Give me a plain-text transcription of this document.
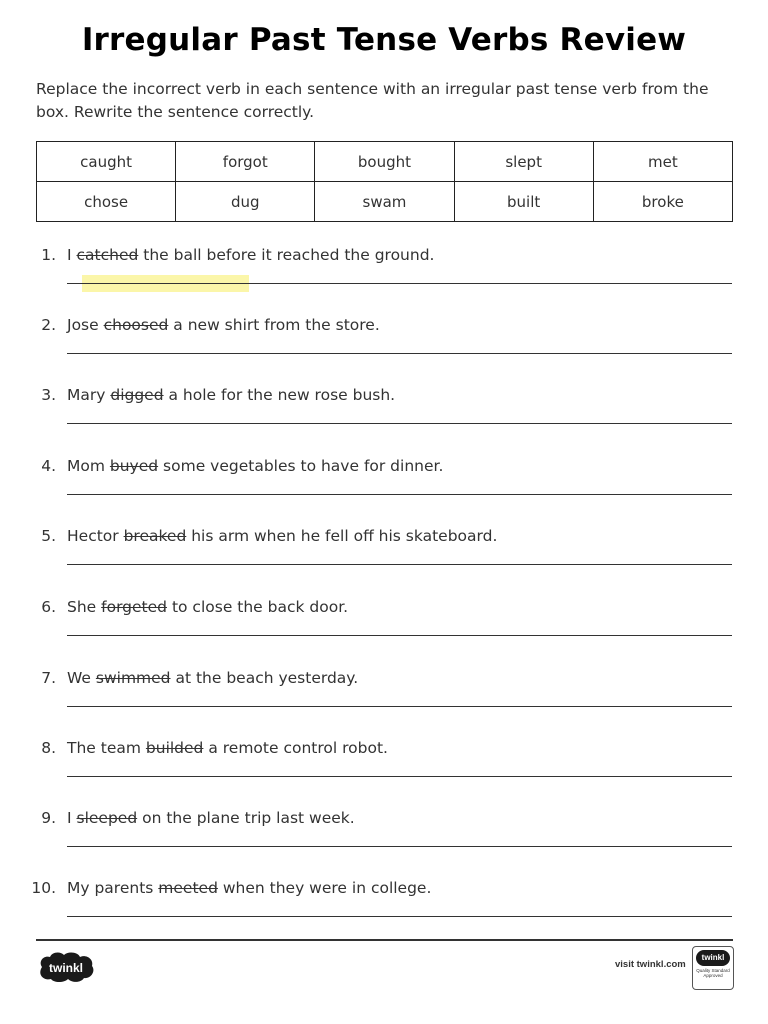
Irregular Past Tense Verbs Review
Replace the incorrect verb in each sentence with an irregular past tense verb from the box. Rewrite the sentence correctly.
caught	forgot	bought	slept	met
chose	dug	swam	built	broke
1. I catched the ball before it reached the ground.
2. Jose choosed a new shirt from the store.
3. Mary digged a hole for the new rose bush.
4. Mom buyed some vegetables to have for dinner.
5. Hector breaked his arm when he fell off his skateboard.
6. She forgeted to close the back door.
7. We swimmed at the beach yesterday.
8. The team builded a remote control robot.
9. I sleeped on the plane trip last week.
10. My parents meeted when they were in college.
twinkl	visit twinkl.com
twinkl
Quality Standard Approved
